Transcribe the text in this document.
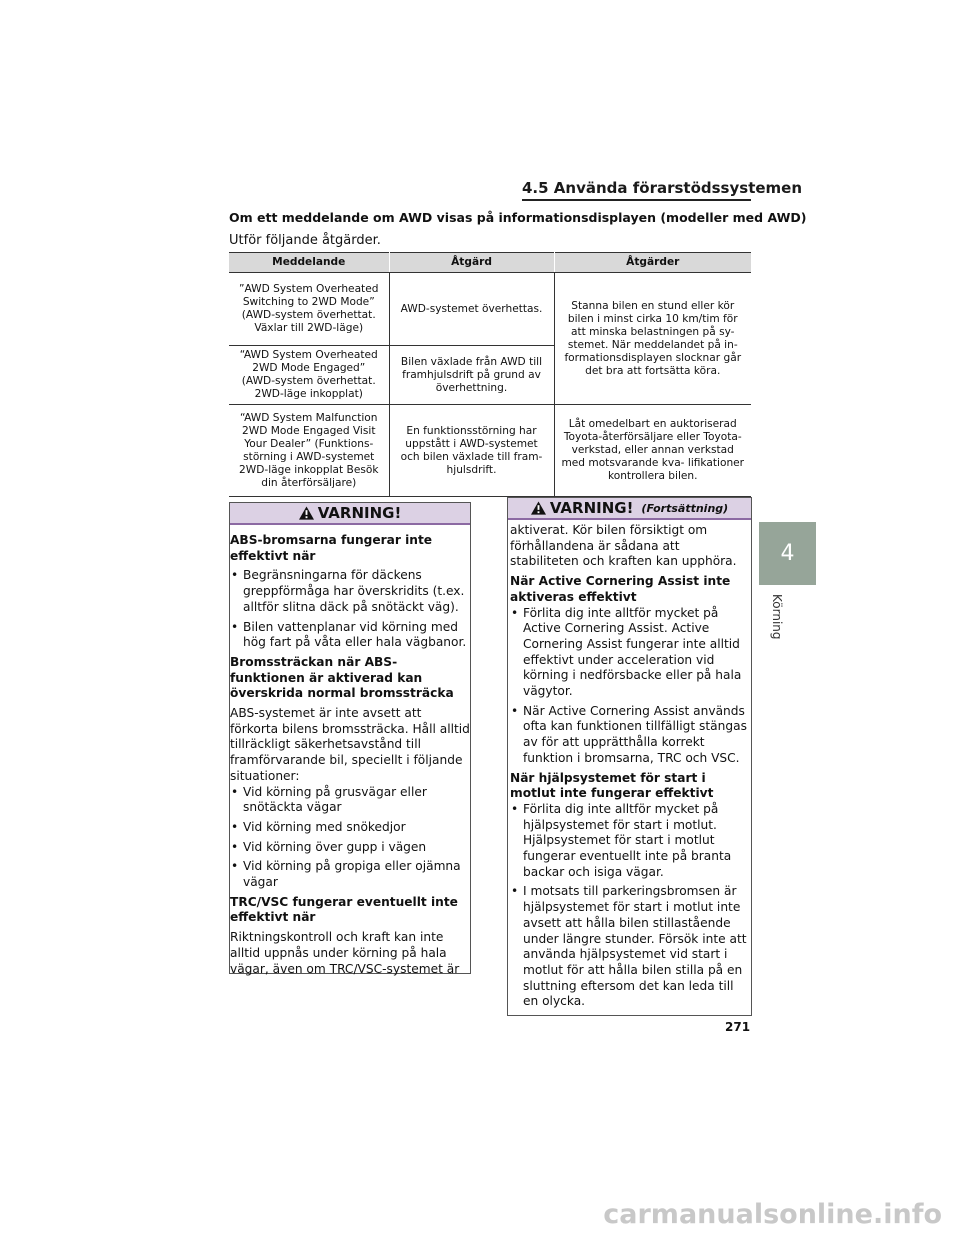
4.5 Använda förarstödssystemen
Om ett meddelande om AWD visas på informationsdisplayen (modeller med AWD)
Utför följande åtgärder.
Meddelande	Åtgärd	Åtgärder
”AWD System Overheated Switching to 2WD Mode” (AWD-system överhettat. Växlar till 2WD-läge)	AWD-systemet överhettas.	Stanna bilen en stund eller kör bilen i minst cirka 10 km/tim för att minska belastningen på sy- stemet. När meddelandet på in- formationsdisplayen slocknar går det bra att fortsätta köra.
“AWD System Overheated 2WD Mode Engaged” (AWD-system överhettat. 2WD-läge inkopplat)	Bilen växlade från AWD till framhjulsdrift på grund av överhettning.	
“AWD System Malfunction 2WD Mode Engaged Visit Your Dealer” (Funktions- störning i AWD-systemet 2WD-läge inkopplat Besök din återförsäljare)	En funktionsstörning har uppstått i AWD-systemet och bilen växlade till fram- hjulsdrift.	Låt omedelbart en auktoriserad Toyota-återförsäljare eller Toyota-verkstad, eller annan verkstad med motsvarande kva- lifikationer kontrollera bilen.
VARNING!

ABS-bromsarna fungerar inte effektivt när

• Begränsningarna för däckens greppförmåga har överskridits (t.ex. alltför slitna däck på snötäckt väg).
• Bilen vattenplanar vid körning med hög fart på våta eller hala vägbanor.

Bromssträckan när ABS-funktionen är aktiverad kan överskrida normal bromssträcka

ABS-systemet är inte avsett att förkorta bilens bromssträcka. Håll alltid tillräckligt säkerhetsavstånd till framförvarande bil, speciellt i följande situationer:

• Vid körning på grusvägar eller snötäckta vägar
• Vid körning med snökedjor
• Vid körning över gupp i vägen
• Vid körning på gropiga eller ojämna vägar

TRC/VSC fungerar eventuellt inte effektivt när

Riktningskontroll och kraft kan inte alltid uppnås under körning på hala vägar, även om TRC/VSC-systemet är

VARNING! (Fortsättning)

aktiverat. Kör bilen försiktigt om förhållandena är sådana att stabiliteten och kraften kan upphöra.

När Active Cornering Assist inte aktiveras effektivt

• Förlita dig inte alltför mycket på Active Cornering Assist. Active Cornering Assist fungerar inte alltid effektivt under acceleration vid körning i nedförsbacke eller på hala vägytor.
• När Active Cornering Assist används ofta kan funktionen tillfälligt stängas av för att upprätthålla korrekt funktion i bromsarna, TRC och VSC.

När hjälpsystemet för start i motlut inte fungerar effektivt

• Förlita dig inte alltför mycket på hjälpsystemet för start i motlut. Hjälpsystemet för start i motlut fungerar eventuellt inte på branta backar och isiga vägar.
• I motsats till parkeringsbromsen är hjälpsystemet för start i motlut inte avsett att hålla bilen stillastående under längre stunder. Försök inte att använda hjälpsystemet vid start i motlut för att hålla bilen stilla på en sluttning eftersom det kan leda till en olycka.
4
Körning
271
carmanualsonline.info
